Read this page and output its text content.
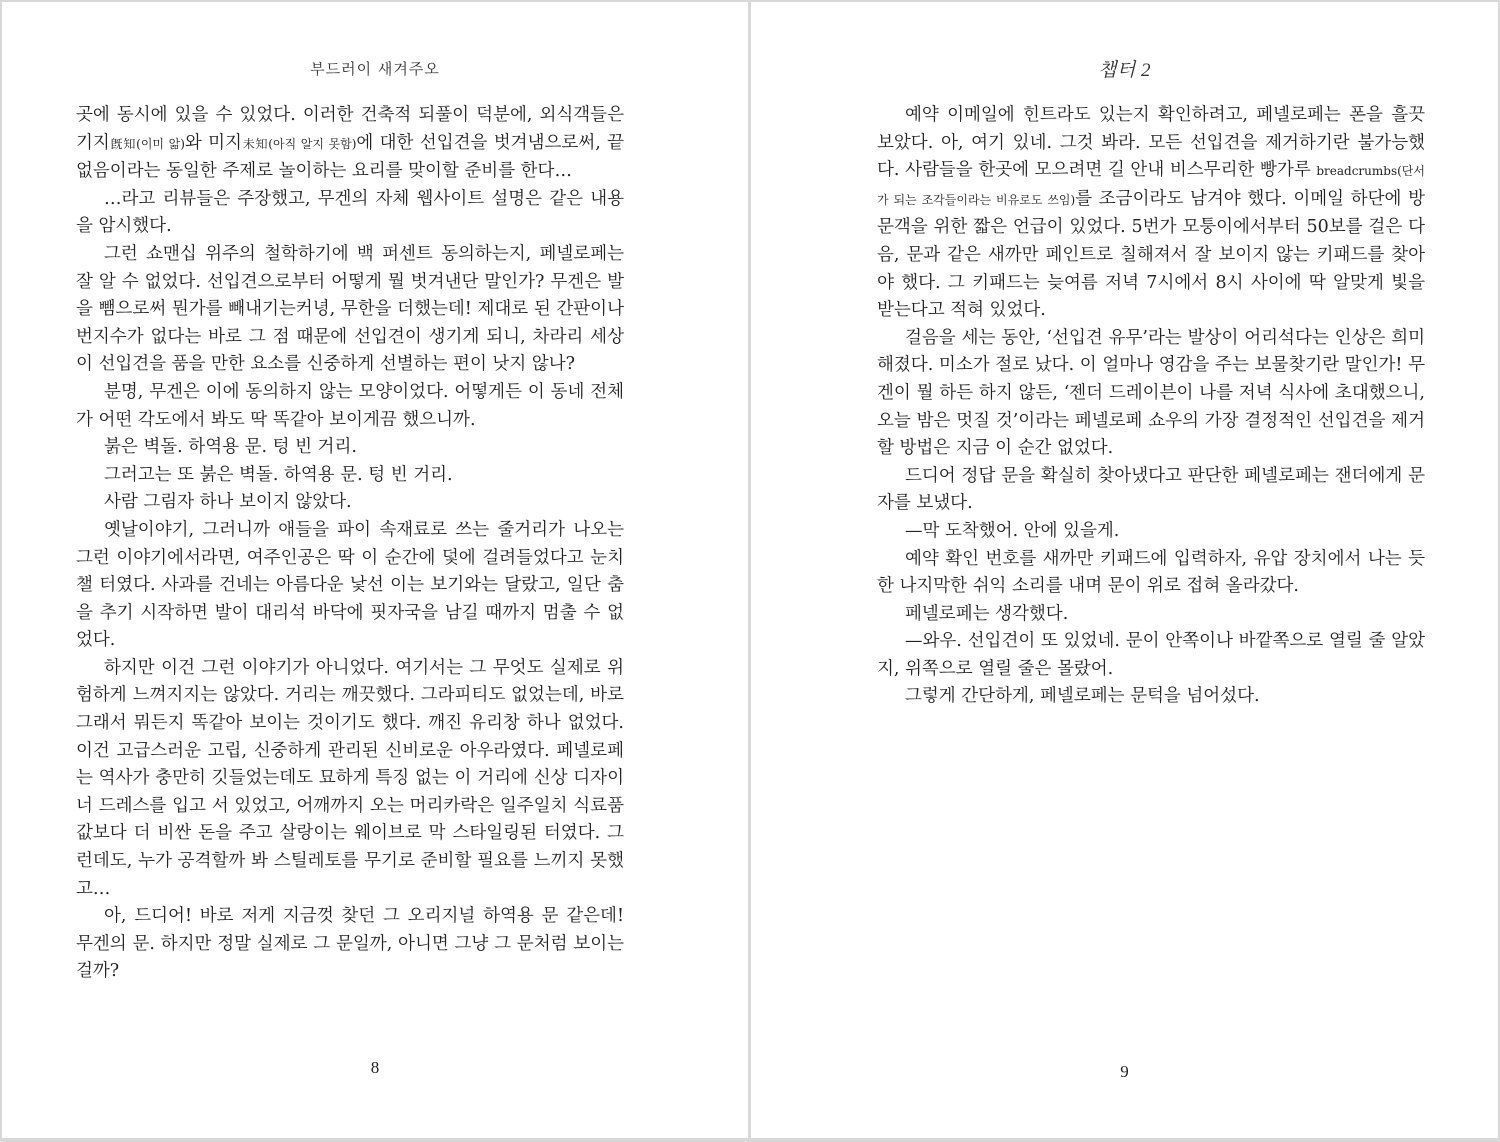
부드러이 새겨주오

곳에 동시에 있을 수 있었다. 이러한 건축적 되풀이 덕분에, 외식객들은 기지旣知(이미 앎)와 미지未知(아직 알지 못함)에 대한 선입견을 벗겨냄으로써, 끝없음이라는 동일한 주제로 놀이하는 요리를 맞이할 준비를 한다…

…라고 리뷰들은 주장했고, 무겐의 자체 웹사이트 설명은 같은 내용을 암시했다.

그런 쇼맨십 위주의 철학하기에 백 퍼센트 동의하는지, 페넬로페는 잘 알 수 없었다. 선입견으로부터 어떻게 뭘 벗겨낸단 말인가? 무겐은 발을 뺌으로써 뭔가를 빼내기는커녕, 무한을 더했는데! 제대로 된 간판이나 번지수가 없다는 바로 그 점 때문에 선입견이 생기게 되니, 차라리 세상이 선입견을 품을 만한 요소를 신중하게 선별하는 편이 낫지 않나?

분명, 무겐은 이에 동의하지 않는 모양이었다. 어떻게든 이 동네 전체가 어떤 각도에서 봐도 딱 똑같아 보이게끔 했으니까.

붉은 벽돌. 하역용 문. 텅 빈 거리.

그러고는 또 붉은 벽돌. 하역용 문. 텅 빈 거리.

사람 그림자 하나 보이지 않았다.

옛날이야기, 그러니까 애들을 파이 속재료로 쓰는 줄거리가 나오는 그런 이야기에서라면, 여주인공은 딱 이 순간에 덫에 걸려들었다고 눈치챌 터였다. 사과를 건네는 아름다운 낯선 이는 보기와는 달랐고, 일단 춤을 추기 시작하면 발이 대리석 바닥에 핏자국을 남길 때까지 멈출 수 없었다.

하지만 이건 그런 이야기가 아니었다. 여기서는 그 무엇도 실제로 위험하게 느껴지지는 않았다. 거리는 깨끗했다. 그라피티도 없었는데, 바로 그래서 뭐든지 똑같아 보이는 것이기도 했다. 깨진 유리창 하나 없었다. 이건 고급스러운 고립, 신중하게 관리된 신비로운 아우라였다. 페넬로페는 역사가 충만히 깃들었는데도 묘하게 특징 없는 이 거리에 신상 디자이너 드레스를 입고 서 있었고, 어깨까지 오는 머리카락은 일주일치 식료품값보다 더 비싼 돈을 주고 살랑이는 웨이브로 막 스타일링된 터였다. 그런데도, 누가 공격할까 봐 스틸레토를 무기로 준비할 필요를 느끼지 못했고…

아, 드디어! 바로 저게 지금껏 찾던 그 오리지널 하역용 문 같은데! 무겐의 문. 하지만 정말 실제로 그 문일까, 아니면 그냥 그 문처럼 보이는 걸까?

8
챕터 2

예약 이메일에 힌트라도 있는지 확인하려고, 페넬로페는 폰을 흘끗 보았다. 아, 여기 있네. 그것 봐라. 모든 선입견을 제거하기란 불가능했다. 사람들을 한곳에 모으려면 길 안내 비스무리한 빵가루 breadcrumbs(단서가 되는 조각들이라는 비유로도 쓰임)를 조금이라도 남겨야 했다. 이메일 하단에 방문객을 위한 짧은 언급이 있었다. 5번가 모퉁이에서부터 50보를 걸은 다음, 문과 같은 새까만 페인트로 칠해져서 잘 보이지 않는 키패드를 찾아야 했다. 그 키패드는 늦여름 저녁 7시에서 8시 사이에 딱 알맞게 빛을 받는다고 적혀 있었다.

걸음을 세는 동안, ‘선입견 유무’라는 발상이 어리석다는 인상은 희미해졌다. 미소가 절로 났다. 이 얼마나 영감을 주는 보물찾기란 말인가! 무겐이 뭘 하든 하지 않든, ‘젠더 드레이븐이 나를 저녁 식사에 초대했으니, 오늘 밤은 멋질 것’이라는 페넬로페 쇼우의 가장 결정적인 선입견을 제거할 방법은 지금 이 순간 없었다.

드디어 정답 문을 확실히 찾아냈다고 판단한 페넬로페는 잰더에게 문자를 보냈다.

—막 도착했어. 안에 있을게.

예약 확인 번호를 새까만 키패드에 입력하자, 유압 장치에서 나는 듯한 나지막한 쉬익 소리를 내며 문이 위로 접혀 올라갔다.

페넬로페는 생각했다.

—와우. 선입견이 또 있었네. 문이 안쪽이나 바깥쪽으로 열릴 줄 알았지, 위쪽으로 열릴 줄은 몰랐어.

그렇게 간단하게, 페넬로페는 문턱을 넘어섰다.

9
